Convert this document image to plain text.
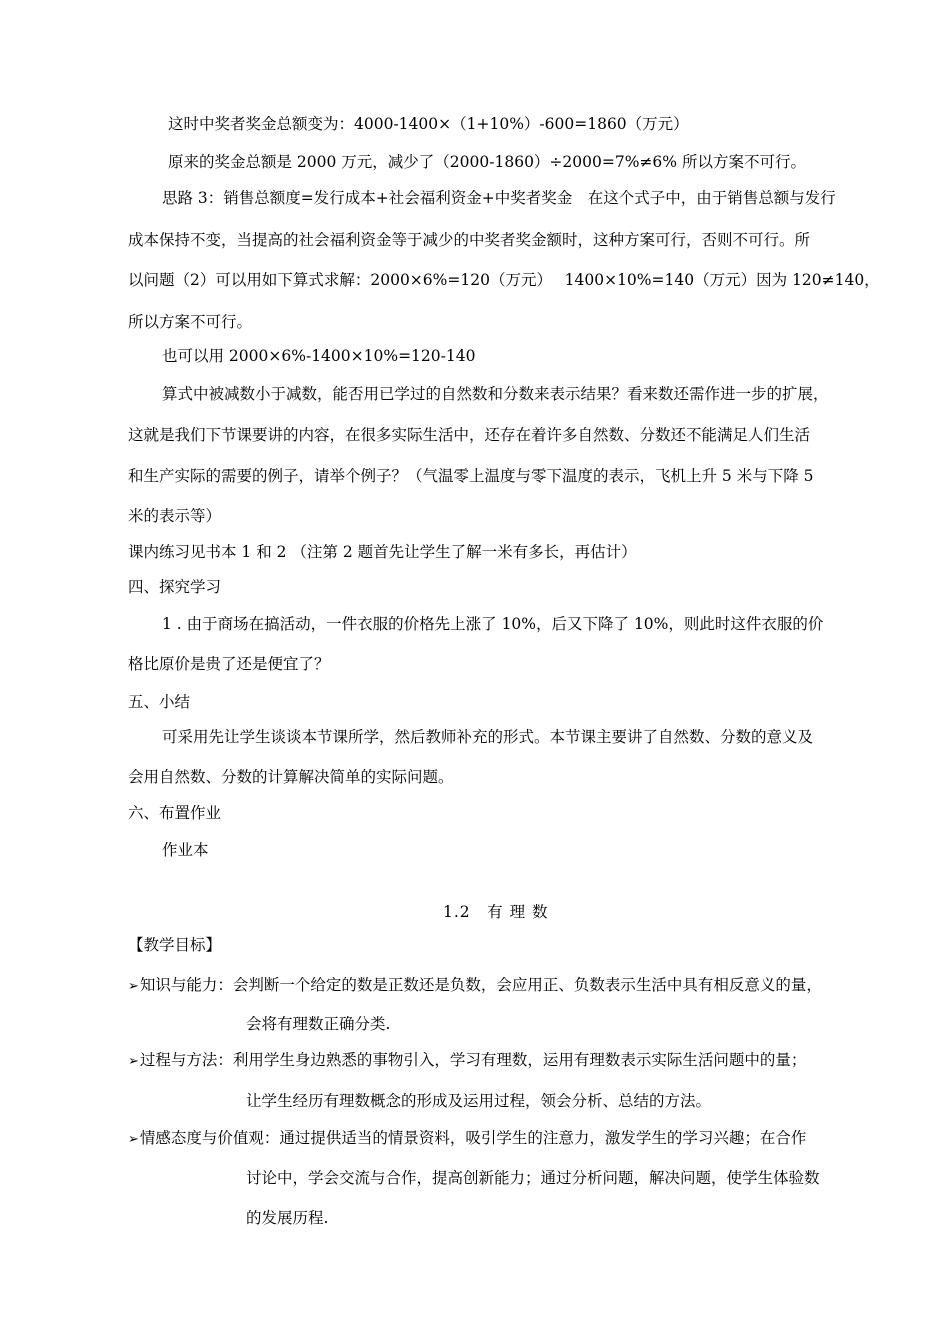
这时中奖者奖金总额变为：4000-1400×（1+10%）-600=1860（万元）
原来的奖金总额是 2000 万元，减少了（2000-1860）÷2000=7%≠6% 所以方案不可行。
思路 3：销售总额度=发行成本+社会福利资金+中奖者奖金　在这个式子中，由于销售总额与发行
成本保持不变，当提高的社会福利资金等于减少的中奖者奖金额时，这种方案可行，否则不可行。所
以问题（2）可以用如下算式求解：2000×6%=120（万元）　 1400×10%=140（万元）因为 120≠140，
所以方案不可行。
也可以用 2000×6%-1400×10%=120-140
算式中被减数小于减数，能否用已学过的自然数和分数来表示结果？看来数还需作进一步的扩展，
这就是我们下节课要讲的内容，在很多实际生活中，还存在着许多自然数、分数还不能满足人们生活
和生产实际的需要的例子，请举个例子？（气温零上温度与零下温度的表示，飞机上升 5 米与下降 5
米的表示等）
课内练习见书本 1 和 2 （注第 2 题首先让学生了解一米有多长，再估计）
四、探究学习
1 . 由于商场在搞活动，一件衣服的价格先上涨了 10%，后又下降了 10%，则此时这件衣服的价
格比原价是贵了还是便宜了？
五、小结
可采用先让学生谈谈本节课所学，然后教师补充的形式。本节课主要讲了自然数、分数的意义及
会用自然数、分数的计算解决简单的实际问题。
六、布置作业
作业本
1.2　有 理 数
【教学目标】
➢知识与能力：会判断一个给定的数是正数还是负数，会应用正、负数表示生活中具有相反意义的量，
会将有理数正确分类.
➢过程与方法：利用学生身边熟悉的事物引入，学习有理数，运用有理数表示实际生活问题中的量；
让学生经历有理数概念的形成及运用过程，领会分析、总结的方法。
➢情感态度与价值观：通过提供适当的情景资料，吸引学生的注意力，激发学生的学习兴趣；在合作
讨论中，学会交流与合作，提高创新能力；通过分析问题，解决问题，使学生体验数
的发展历程.
